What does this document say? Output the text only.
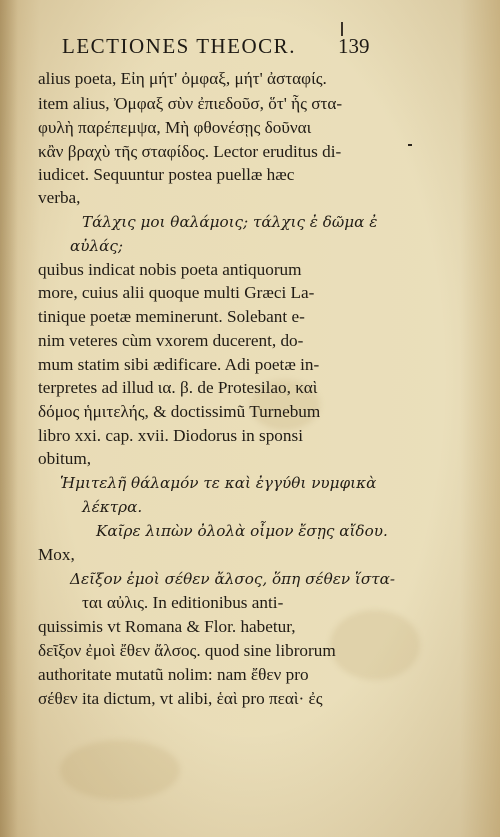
LECTIONES THEOCR.	139
alius poeta, Εἰη μήτ' ὀμφαξ, μήτ' ἀσταφίς.
item alius, Ὀμφαξ σὺν ἐπιεδοῦσ, ὅτ' ἧς στα-
φυλὴ παρέπεμψα, Μὴ φθονέσῃς δοῦναι
κἂν βραχὺ τῆς σταφίδος. Lector eruditus di-
iudicet. Sequuntur postea puellæ hæc
verba,
Τάλχις μοι θαλάμοις; τάλχις ἐ δῶμα ἐ
αὐλάς;
quibus indicat nobis poeta antiquorum
more, cuius alii quoque multi Græci La-
tinique poetæ meminerunt. Solebant e-
nim veteres cùm vxorem ducerent, do-
mum statim sibi ædificare. Adi poetæ in-
terpretes ad illud ια. β. de Protesilao, καὶ
δόμος ἡμιτελής, & doctissimũ Turnebum
libro xxi. cap. xvii. Diodorus in sponsi
obitum,
Ἡμιτελῆ θάλαμόν τε καὶ ἐγγύθι νυμφικὰ
λέκτρα.
Καῖρε λιπὼν ὀλολὰ οἶμον ἔσῃς αἴδου.
Mox,
Δεῖξον ἐμοὶ σέθεν ἄλσος, ὅπη σέθεν ἵστα-
ται αὐλις. In editionibus anti-
quissimis vt Romana & Flor. habetur,
δεῖξον ἐμοὶ ἔθεν ἄλσος. quod sine librorum
authoritate mutatũ nolim: nam ἔθεν pro
σέθεν ita dictum, vt alibi, ἑαὶ pro πεαὶ· ἐς
